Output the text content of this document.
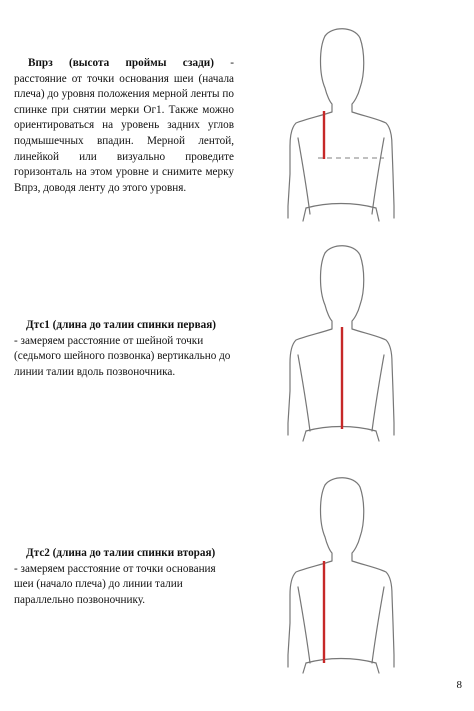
Впрз (высота проймы сзади) - расстояние от точки основания шеи (начала плеча) до уровня положения мерной ленты по спинке при снятии мерки Ог1. Также можно ориентироваться на уровень задних углов подмышечных впадин. Мерной лентой, линейкой или визуально проведите горизонталь на этом уровне и снимите мерку Впрз, доводя ленту до этого уровня.

Дтс1 (длина до талии спинки первая)

- замеряем расстояние от шейной точки (седьмого шейного позвонка) вертикально до линии талии вдоль позвоночника.

Дтс2 (длина до талии спинки вторая)

- замеряем расстояние от точки основания шеи (начало плеча) до линии талии параллельно позвоночнику.

8
